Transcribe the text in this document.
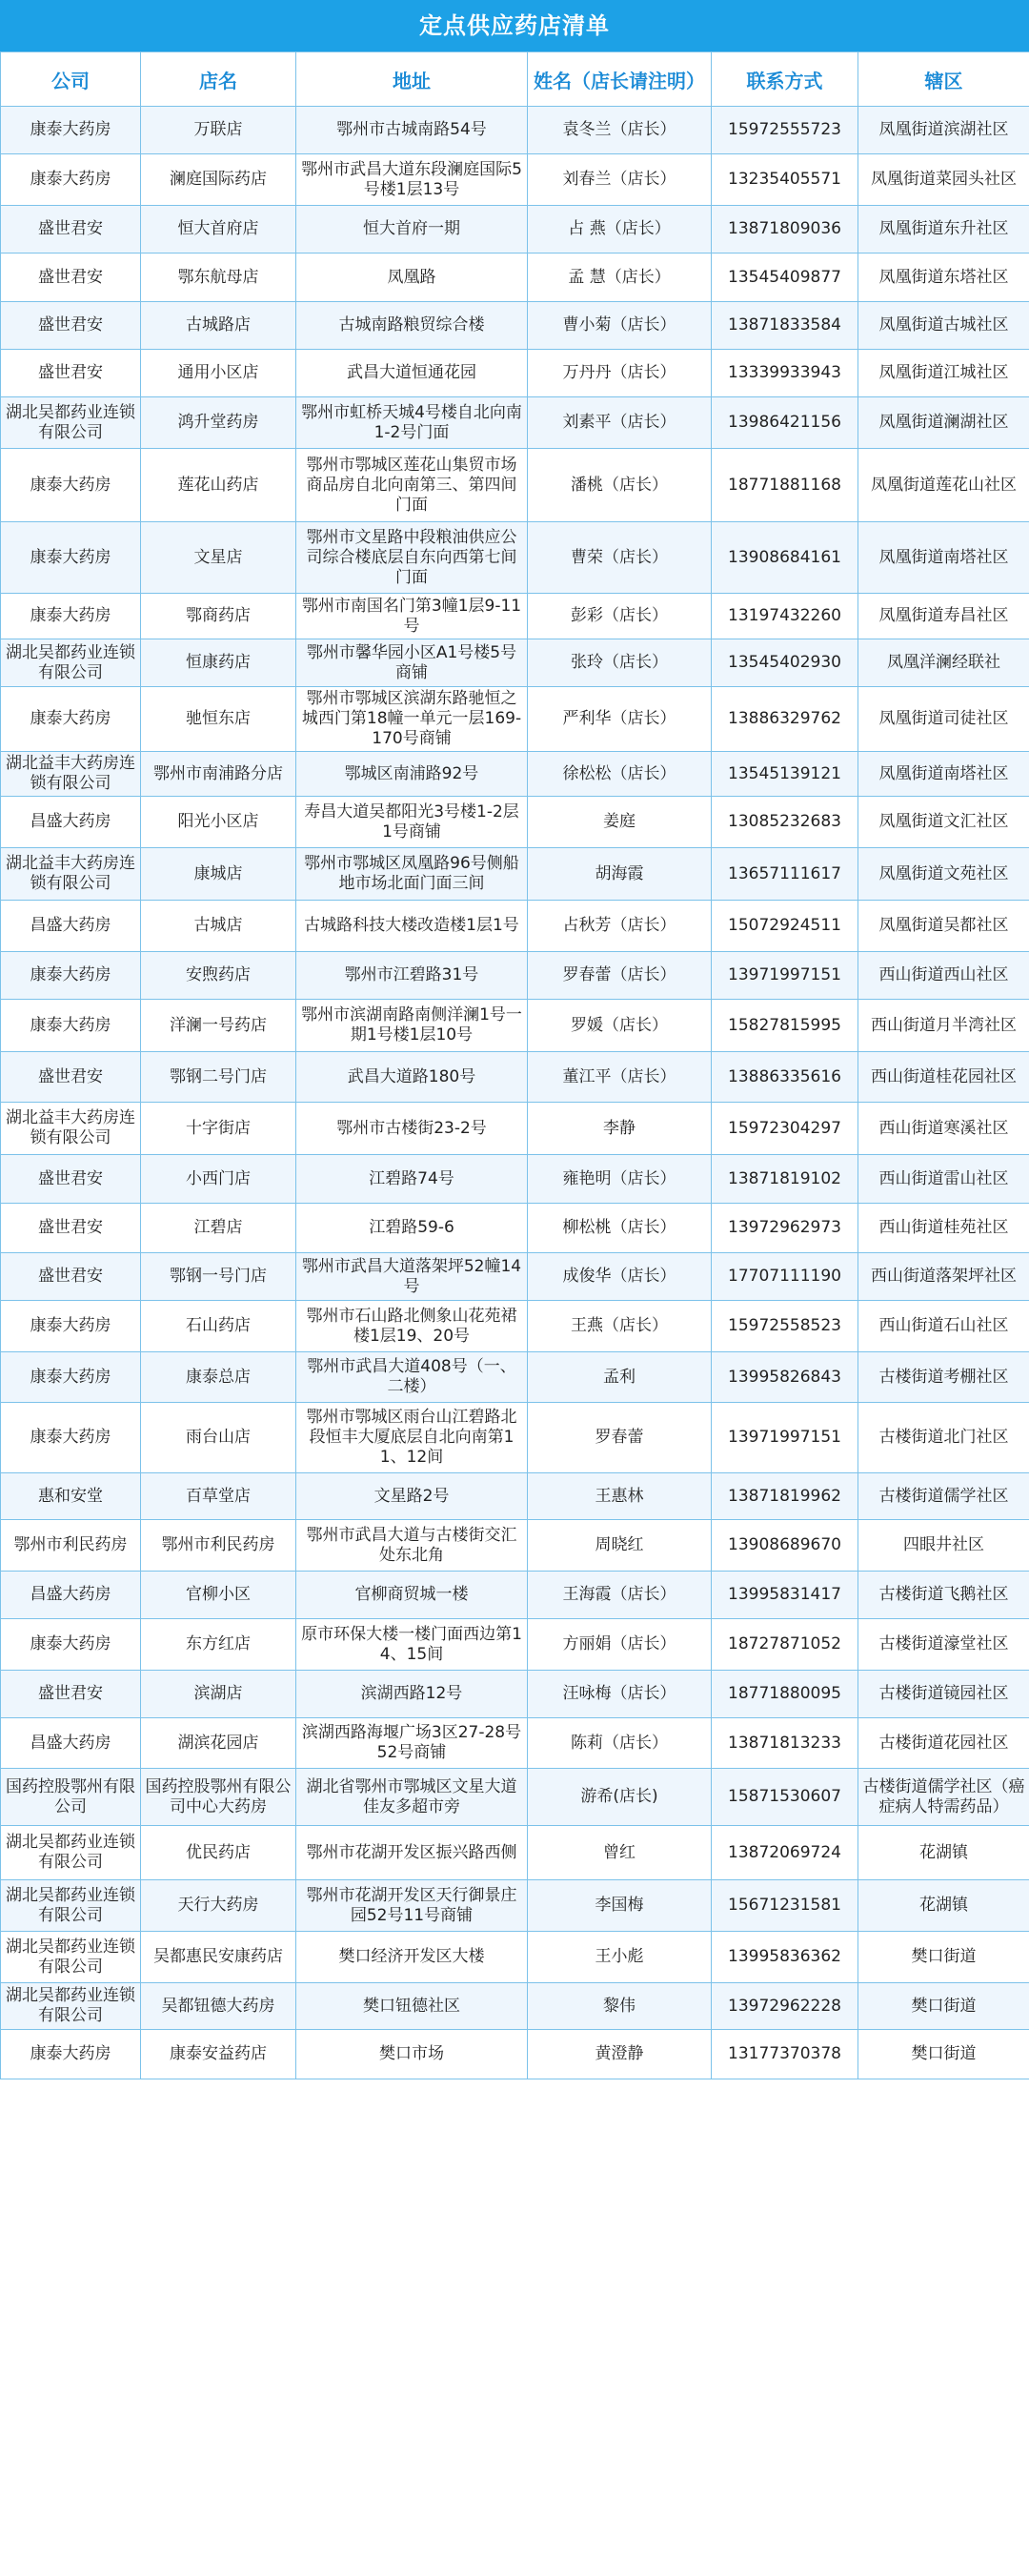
定点供应药店清单
公司	店名	地址	姓名（店长请注明）	联系方式	辖区
康泰大药房	万联店	鄂州市古城南路54号	袁冬兰（店长）	15972555723	凤凰街道滨湖社区
康泰大药房	澜庭国际药店	鄂州市武昌大道东段澜庭国际5号楼1层13号	刘春兰（店长）	13235405571	凤凰街道菜园头社区
盛世君安	恒大首府店	恒大首府一期	占 燕（店长）	13871809036	凤凰街道东升社区
盛世君安	鄂东航母店	凤凰路	孟 慧（店长）	13545409877	凤凰街道东塔社区
盛世君安	古城路店	古城南路粮贸综合楼	曹小菊（店长）	13871833584	凤凰街道古城社区
盛世君安	通用小区店	武昌大道恒通花园	万丹丹（店长）	13339933943	凤凰街道江城社区
湖北吴都药业连锁有限公司	鸿升堂药房	鄂州市虹桥天城4号楼自北向南1-2号门面	刘素平（店长）	13986421156	凤凰街道澜湖社区
康泰大药房	莲花山药店	鄂州市鄂城区莲花山集贸市场商品房自北向南第三、第四间门面	潘桃（店长）	18771881168	凤凰街道莲花山社区
康泰大药房	文星店	鄂州市文星路中段粮油供应公司综合楼底层自东向西第七间门面	曹荣（店长）	13908684161	凤凰街道南塔社区
康泰大药房	鄂商药店	鄂州市南国名门第3幢1层9-11号	彭彩（店长）	13197432260	凤凰街道寿昌社区
湖北吴都药业连锁有限公司	恒康药店	鄂州市馨华园小区A1号楼5号商铺	张玲（店长）	13545402930	凤凰洋澜经联社
康泰大药房	驰恒东店	鄂州市鄂城区滨湖东路驰恒之城西门第18幢一单元一层169-170号商铺	严利华（店长）	13886329762	凤凰街道司徒社区
湖北益丰大药房连锁有限公司	鄂州市南浦路分店	鄂城区南浦路92号	徐松松（店长）	13545139121	凤凰街道南塔社区
昌盛大药房	阳光小区店	寿昌大道吴都阳光3号楼1-2层1号商铺	姜庭	13085232683	凤凰街道文汇社区
湖北益丰大药房连锁有限公司	康城店	鄂州市鄂城区凤凰路96号侧船地市场北面门面三间	胡海霞	13657111617	凤凰街道文苑社区
昌盛大药房	古城店	古城路科技大楼改造楼1层1号	占秋芳（店长）	15072924511	凤凰街道吴都社区
康泰大药房	安煦药店	鄂州市江碧路31号	罗春蕾（店长）	13971997151	西山街道西山社区
康泰大药房	洋澜一号药店	鄂州市滨湖南路南侧洋澜1号一期1号楼1层10号	罗媛（店长）	15827815995	西山街道月半湾社区
盛世君安	鄂钢二号门店	武昌大道路180号	董江平（店长）	13886335616	西山街道桂花园社区
湖北益丰大药房连锁有限公司	十字街店	鄂州市古楼街23-2号	李静	15972304297	西山街道寒溪社区
盛世君安	小西门店	江碧路74号	雍艳明（店长）	13871819102	西山街道雷山社区
盛世君安	江碧店	江碧路59-6	柳松桃（店长）	13972962973	西山街道桂苑社区
盛世君安	鄂钢一号门店	鄂州市武昌大道落架坪52幢14号	成俊华（店长）	17707111190	西山街道落架坪社区
康泰大药房	石山药店	鄂州市石山路北侧象山花苑裙楼1层19、20号	王燕（店长）	15972558523	西山街道石山社区
康泰大药房	康泰总店	鄂州市武昌大道408号（一、二楼）	孟利	13995826843	古楼街道考棚社区
康泰大药房	雨台山店	鄂州市鄂城区雨台山江碧路北段恒丰大厦底层自北向南第11、12间	罗春蕾	13971997151	古楼街道北门社区
惠和安堂	百草堂店	文星路2号	王惠林	13871819962	古楼街道儒学社区
鄂州市利民药房	鄂州市利民药房	鄂州市武昌大道与古楼街交汇处东北角	周晓红	13908689670	四眼井社区
昌盛大药房	官柳小区	官柳商贸城一楼	王海霞（店长）	13995831417	古楼街道飞鹅社区
康泰大药房	东方红店	原市环保大楼一楼门面西边第14、15间	方丽娟（店长）	18727871052	古楼街道濠堂社区
盛世君安	滨湖店	滨湖西路12号	汪咏梅（店长）	18771880095	古楼街道镜园社区
昌盛大药房	湖滨花园店	滨湖西路海堰广场3区27-28号52号商铺	陈莉（店长）	13871813233	古楼街道花园社区
国药控股鄂州有限公司	国药控股鄂州有限公司中心大药房	湖北省鄂州市鄂城区文星大道佳友多超市旁	游希(店长)	15871530607	古楼街道儒学社区（癌症病人特需药品）
湖北吴都药业连锁有限公司	优民药店	鄂州市花湖开发区振兴路西侧	曾红	13872069724	花湖镇
湖北吴都药业连锁有限公司	天行大药房	鄂州市花湖开发区天行御景庄园52号11号商铺	李国梅	15671231581	花湖镇
湖北吴都药业连锁有限公司	吴都惠民安康药店	樊口经济开发区大楼	王小彪	13995836362	樊口街道
湖北吴都药业连锁有限公司	吴都钮德大药房	樊口钮德社区	黎伟	13972962228	樊口街道
康泰大药房	康泰安益药店	樊口市场	黄澄静	13177370378	樊口街道
